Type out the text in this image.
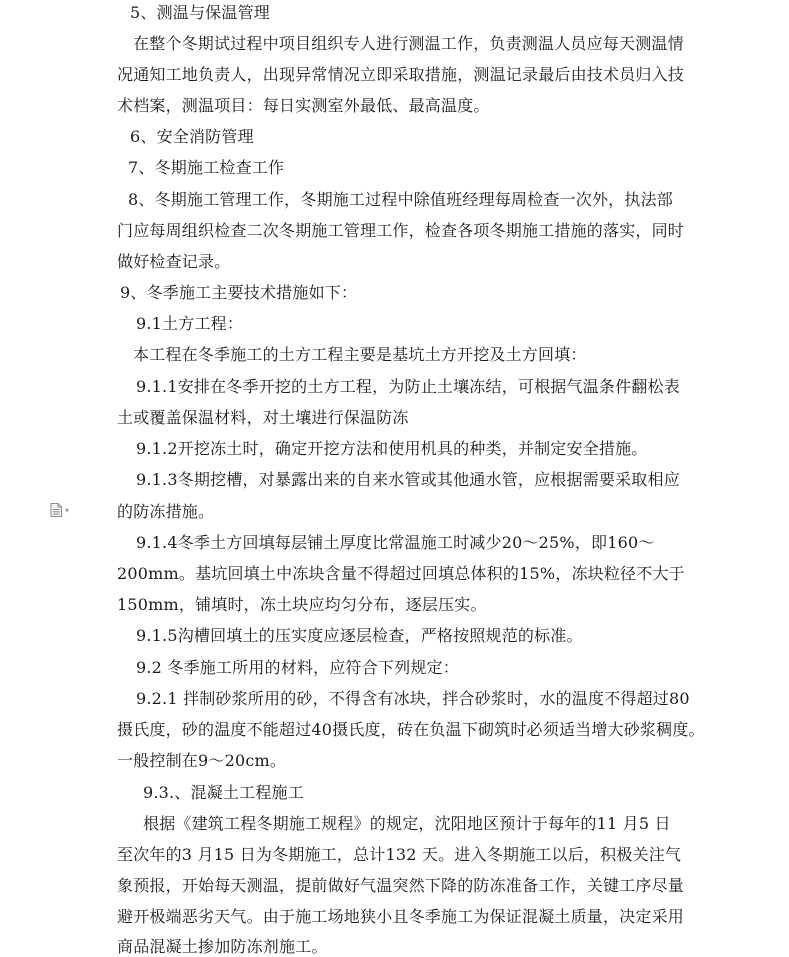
5、测温与保温管理
在整个冬期试过程中项目组织专人进行测温工作，负责测温人员应每天测温情
况通知工地负责人，出现异常情况立即采取措施，测温记录最后由技术员归入技
术档案，测温项目：每日实测室外最低、最高温度。
6、安全消防管理
7、冬期施工检查工作
8、冬期施工管理工作，冬期施工过程中除值班经理每周检查一次外，执法部
门应每周组织检查二次冬期施工管理工作，检查各项冬期施工措施的落实，同时
做好检查记录。
9、冬季施工主要技术措施如下：
9.1土方工程：
本工程在冬季施工的土方工程主要是基坑土方开挖及土方回填：
9.1.1安排在冬季开挖的土方工程，为防止土壤冻结，可根据气温条件翻松表
土或覆盖保温材料，对土壤进行保温防冻
9.1.2开挖冻土时，确定开挖方法和使用机具的种类，并制定安全措施。
9.1.3冬期挖槽，对暴露出来的自来水管或其他通水管，应根据需要采取相应
的防冻措施。
9.1.4冬季土方回填每层铺土厚度比常温施工时减少20～25%，即160～
200mm。基坑回填土中冻块含量不得超过回填总体积的15%，冻块粒径不大于
150mm，铺填时，冻土块应均匀分布，逐层压实。
9.1.5沟槽回填土的压实度应逐层检查，严格按照规范的标准。
9.2 冬季施工所用的材料，应符合下列规定：
9.2.1 拌制砂浆所用的砂，不得含有冰块，拌合砂浆时，水的温度不得超过80
摄氏度，砂的温度不能超过40摄氏度，砖在负温下砌筑时必须适当增大砂浆稠度。
一般控制在9～20cm。
9.3.、混凝土工程施工
根据《建筑工程冬期施工规程》的规定，沈阳地区预计于每年的11 月5 日
至次年的3 月15 日为冬期施工，总计132 天。进入冬期施工以后，积极关注气
象预报，开始每天测温，提前做好气温突然下降的防冻准备工作，关键工序尽量
避开极端恶劣天气。由于施工场地狭小且冬季施工为保证混凝土质量，决定采用
商品混凝土掺加防冻剂施工。
▾
